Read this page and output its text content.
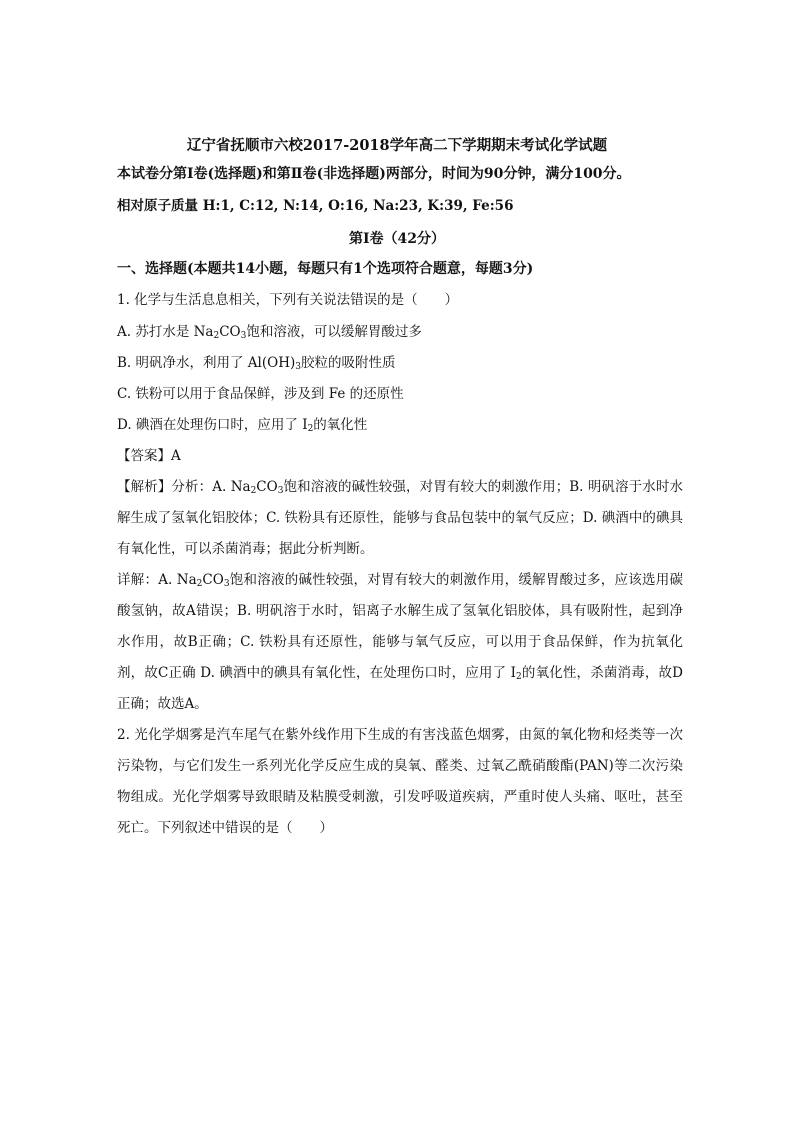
辽宁省抚顺市六校2017-2018学年高二下学期期末考试化学试题
本试卷分第Ⅰ卷(选择题)和第Ⅱ卷(非选择题)两部分，时间为90分钟，满分100分。
相对原子质量 H:1, C:12, N:14, O:16, Na:23, K:39, Fe:56
第Ⅰ卷（42分）
一、选择题(本题共14小题，每题只有1个选项符合题意，每题3分)
1. 化学与生活息息相关，下列有关说法错误的是（　　）
A. 苏打水是 $Na_2CO_3$饱和溶液，可以缓解胃酸过多
B. 明矾净水，利用了 $Al(OH)_3$胶粒的吸附性质
C. 铁粉可以用于食品保鲜，涉及到 Fe 的还原性
D. 碘酒在处理伤口时，应用了 $I_2$的氧化性
【答案】A
【解析】分析：A. $Na_2CO_3$饱和溶液的碱性较强，对胃有较大的刺激作用；B. 明矾溶于水时水解生成了氢氧化铝胶体；C. 铁粉具有还原性，能够与食品包装中的氧气反应；D. 碘酒中的碘具有氧化性，可以杀菌消毒；据此分析判断。
详解：A. $Na_2CO_3$饱和溶液的碱性较强，对胃有较大的刺激作用，缓解胃酸过多，应该选用碳酸氢钠，故A错误；B. 明矾溶于水时，铝离子水解生成了氢氧化铝胶体，具有吸附性，起到净水作用，故B正确；C. 铁粉具有还原性，能够与氧气反应，可以用于食品保鲜，作为抗氧化剂，故C正确 D. 碘酒中的碘具有氧化性，在处理伤口时，应用了 $I_2$的氧化性，杀菌消毒，故D正确；故选A。
2. 光化学烟雾是汽车尾气在紫外线作用下生成的有害浅蓝色烟雾，由氮的氧化物和烃类等一次污染物，与它们发生一系列光化学反应生成的臭氧、醛类、过氧乙酰硝酸酯(PAN)等二次污染物组成。光化学烟雾导致眼睛及粘膜受刺激，引发呼吸道疾病，严重时使人头痛、呕吐，甚至死亡。下列叙述中错误的是（　　）
